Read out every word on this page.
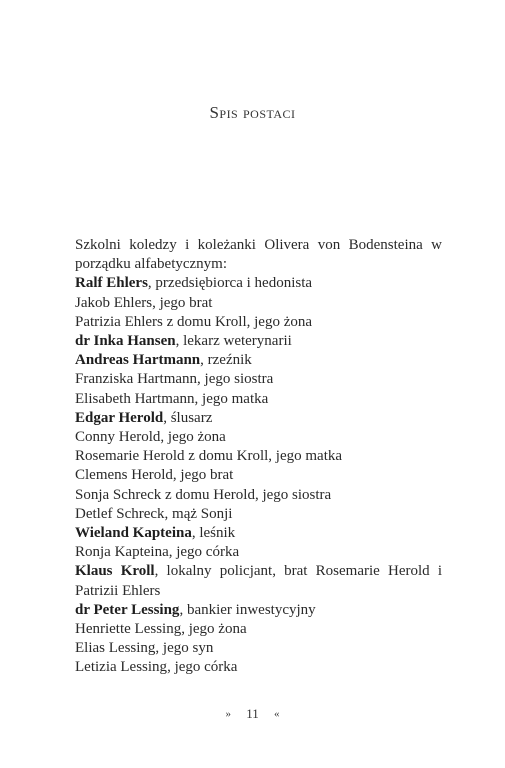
Spis postaci
Szkolni koledzy i koleżanki Olivera von Bodensteina w porządku alfabetycznym:
Ralf Ehlers, przedsiębiorca i hedonista
Jakob Ehlers, jego brat
Patrizia Ehlers z domu Kroll, jego żona
dr Inka Hansen, lekarz weterynarii
Andreas Hartmann, rzeźnik
Franziska Hartmann, jego siostra
Elisabeth Hartmann, jego matka
Edgar Herold, ślusarz
Conny Herold, jego żona
Rosemarie Herold z domu Kroll, jego matka
Clemens Herold, jego brat
Sonja Schreck z domu Herold, jego siostra
Detlef Schreck, mąż Sonji
Wieland Kapteina, leśnik
Ronja Kapteina, jego córka
Klaus Kroll, lokalny policjant, brat Rosemarie Herold i Patrizii Ehlers
dr Peter Lessing, bankier inwestycyjny
Henriette Lessing, jego żona
Elias Lessing, jego syn
Letizia Lessing, jego córka
» 11 «
